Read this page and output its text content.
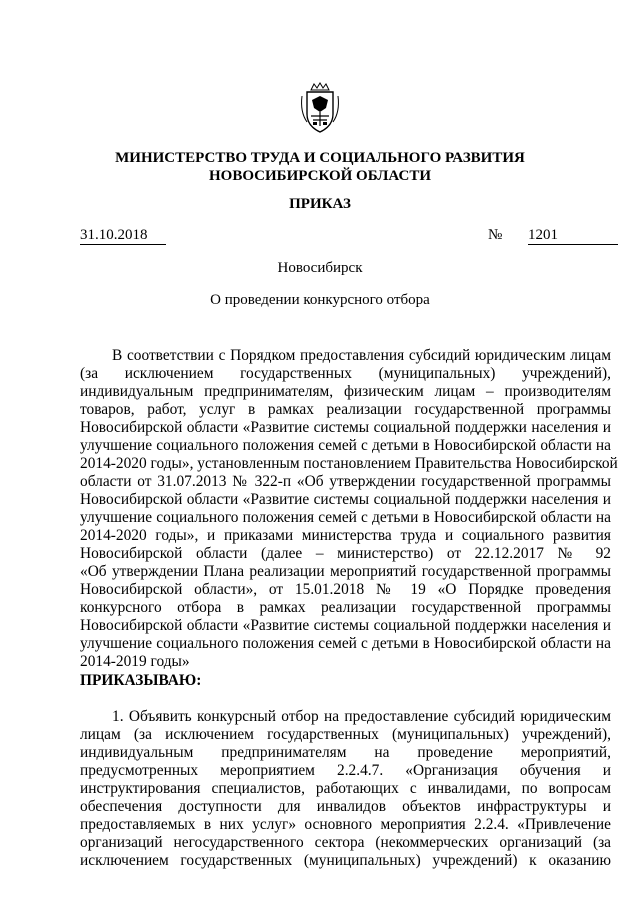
МИНИСТЕРСТВО ТРУДА И СОЦИАЛЬНОГО РАЗВИТИЯ
НОВОСИБИРСКОЙ ОБЛАСТИ
ПРИКАЗ
31.10.2018	№ 1201
Новосибирск
О проведении конкурсного отбора
В соответствии с Порядком предоставления субсидий юридическим лицам
(за исключением государственных (муниципальных) учреждений),
индивидуальным предпринимателям, физическим лицам – производителям
товаров, работ, услуг в рамках реализации государственной программы
Новосибирской области «Развитие системы социальной поддержки населения и
улучшение социального положения семей с детьми в Новосибирской области на
2014-2020 годы», установленным постановлением Правительства Новосибирской
области от 31.07.2013 № 322-п «Об утверждении государственной программы
Новосибирской области «Развитие системы социальной поддержки населения и
улучшение социального положения семей с детьми в Новосибирской области на
2014-2020 годы», и приказами министерства труда и социального развития
Новосибирской области (далее – министерство) от 22.12.2017 № 92
«Об утверждении Плана реализации мероприятий государственной программы
Новосибирской области», от 15.01.2018 № 19 «О Порядке проведения
конкурсного отбора в рамках реализации государственной программы
Новосибирской области «Развитие системы социальной поддержки населения и
улучшение социального положения семей с детьми в Новосибирской области на
2014-2019 годы»
ПРИКАЗЫВАЮ:
1. Объявить конкурсный отбор на предоставление субсидий юридическим
лицам (за исключением государственных (муниципальных) учреждений),
индивидуальным предпринимателям на проведение мероприятий,
предусмотренных мероприятием 2.2.4.7. «Организация обучения и
инструктирования специалистов, работающих с инвалидами, по вопросам
обеспечения доступности для инвалидов объектов инфраструктуры и
предоставляемых в них услуг» основного мероприятия 2.2.4. «Привлечение
организаций негосударственного сектора (некоммерческих организаций (за
исключением государственных (муниципальных) учреждений) к оказанию
